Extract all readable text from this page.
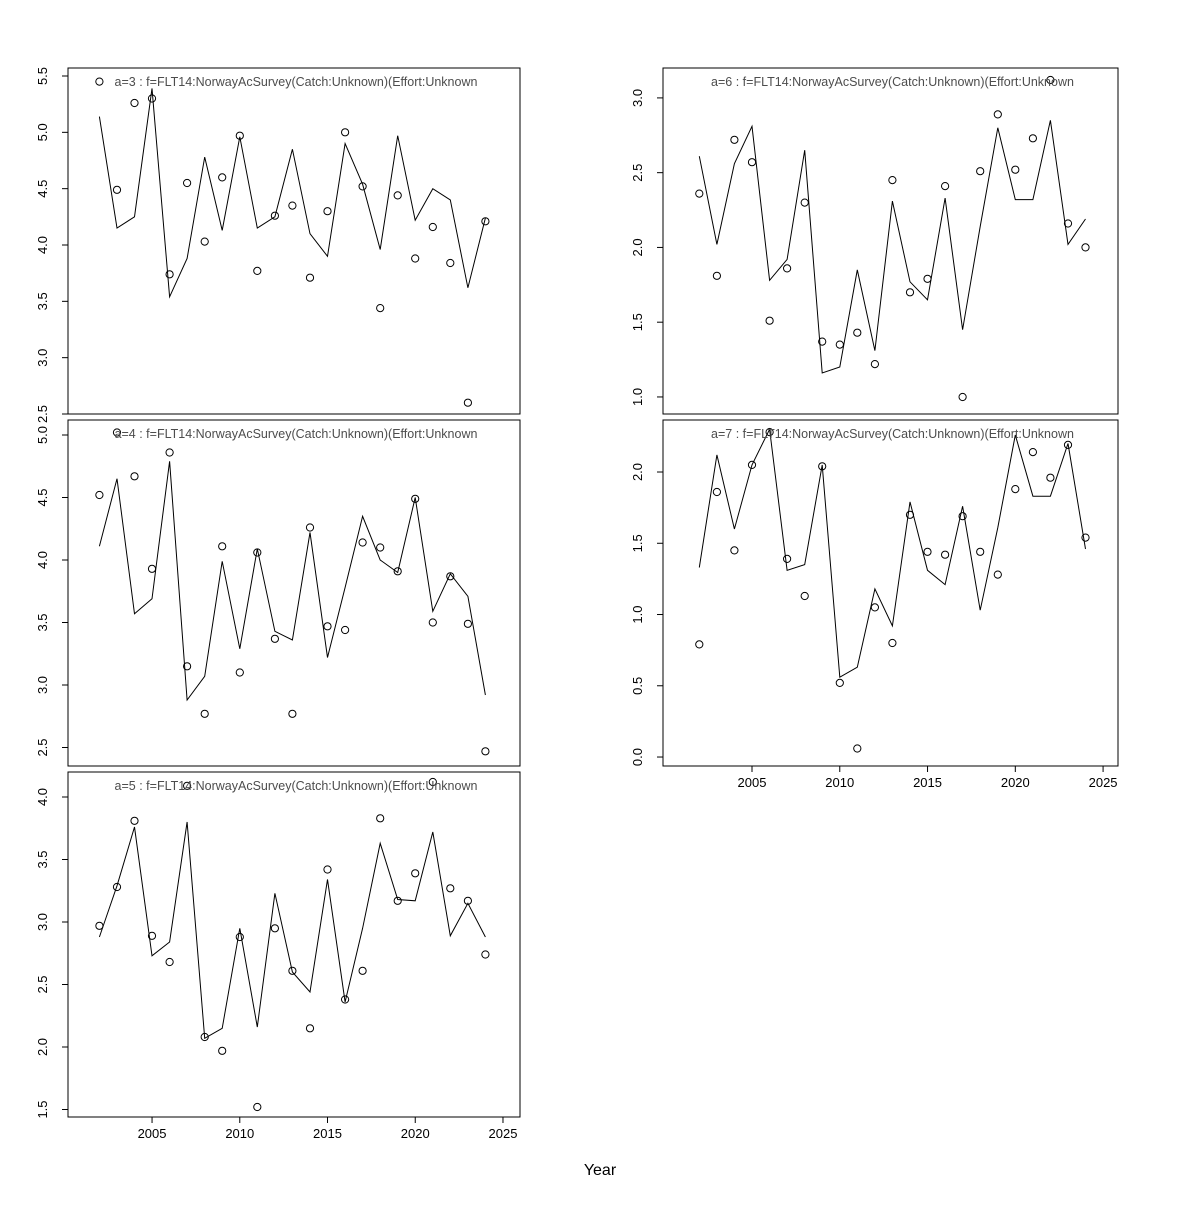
5.5
5.0
4.5
4.0
3.5
3.0
2.5
a=3 : f=FLT14:NorwayAcSurvey(Catch:Unknown)(Effort:Unknown
3.0
2.5
2.0
1.5
1.0
a=6 : f=FLT14:NorwayAcSurvey(Catch:Unknown)(Effort:Unknown
5.0
4.5
4.0
3.5
3.0
2.5
a=4 : f=FLT14:NorwayAcSurvey(Catch:Unknown)(Effort:Unknown
2.0
1.5
1.0
0.5
0.0
2005	2010	2015	2020	2025
a=7 : f=FLT14:NorwayAcSurvey(Catch:Unknown)(Effort:Unknown
4.0
3.5
3.0
2.5
2.0
1.5
2005	2010	2015	2020	2025
a=5 : f=FLT14:NorwayAcSurvey(Catch:Unknown)(Effort:Unknown
Year
